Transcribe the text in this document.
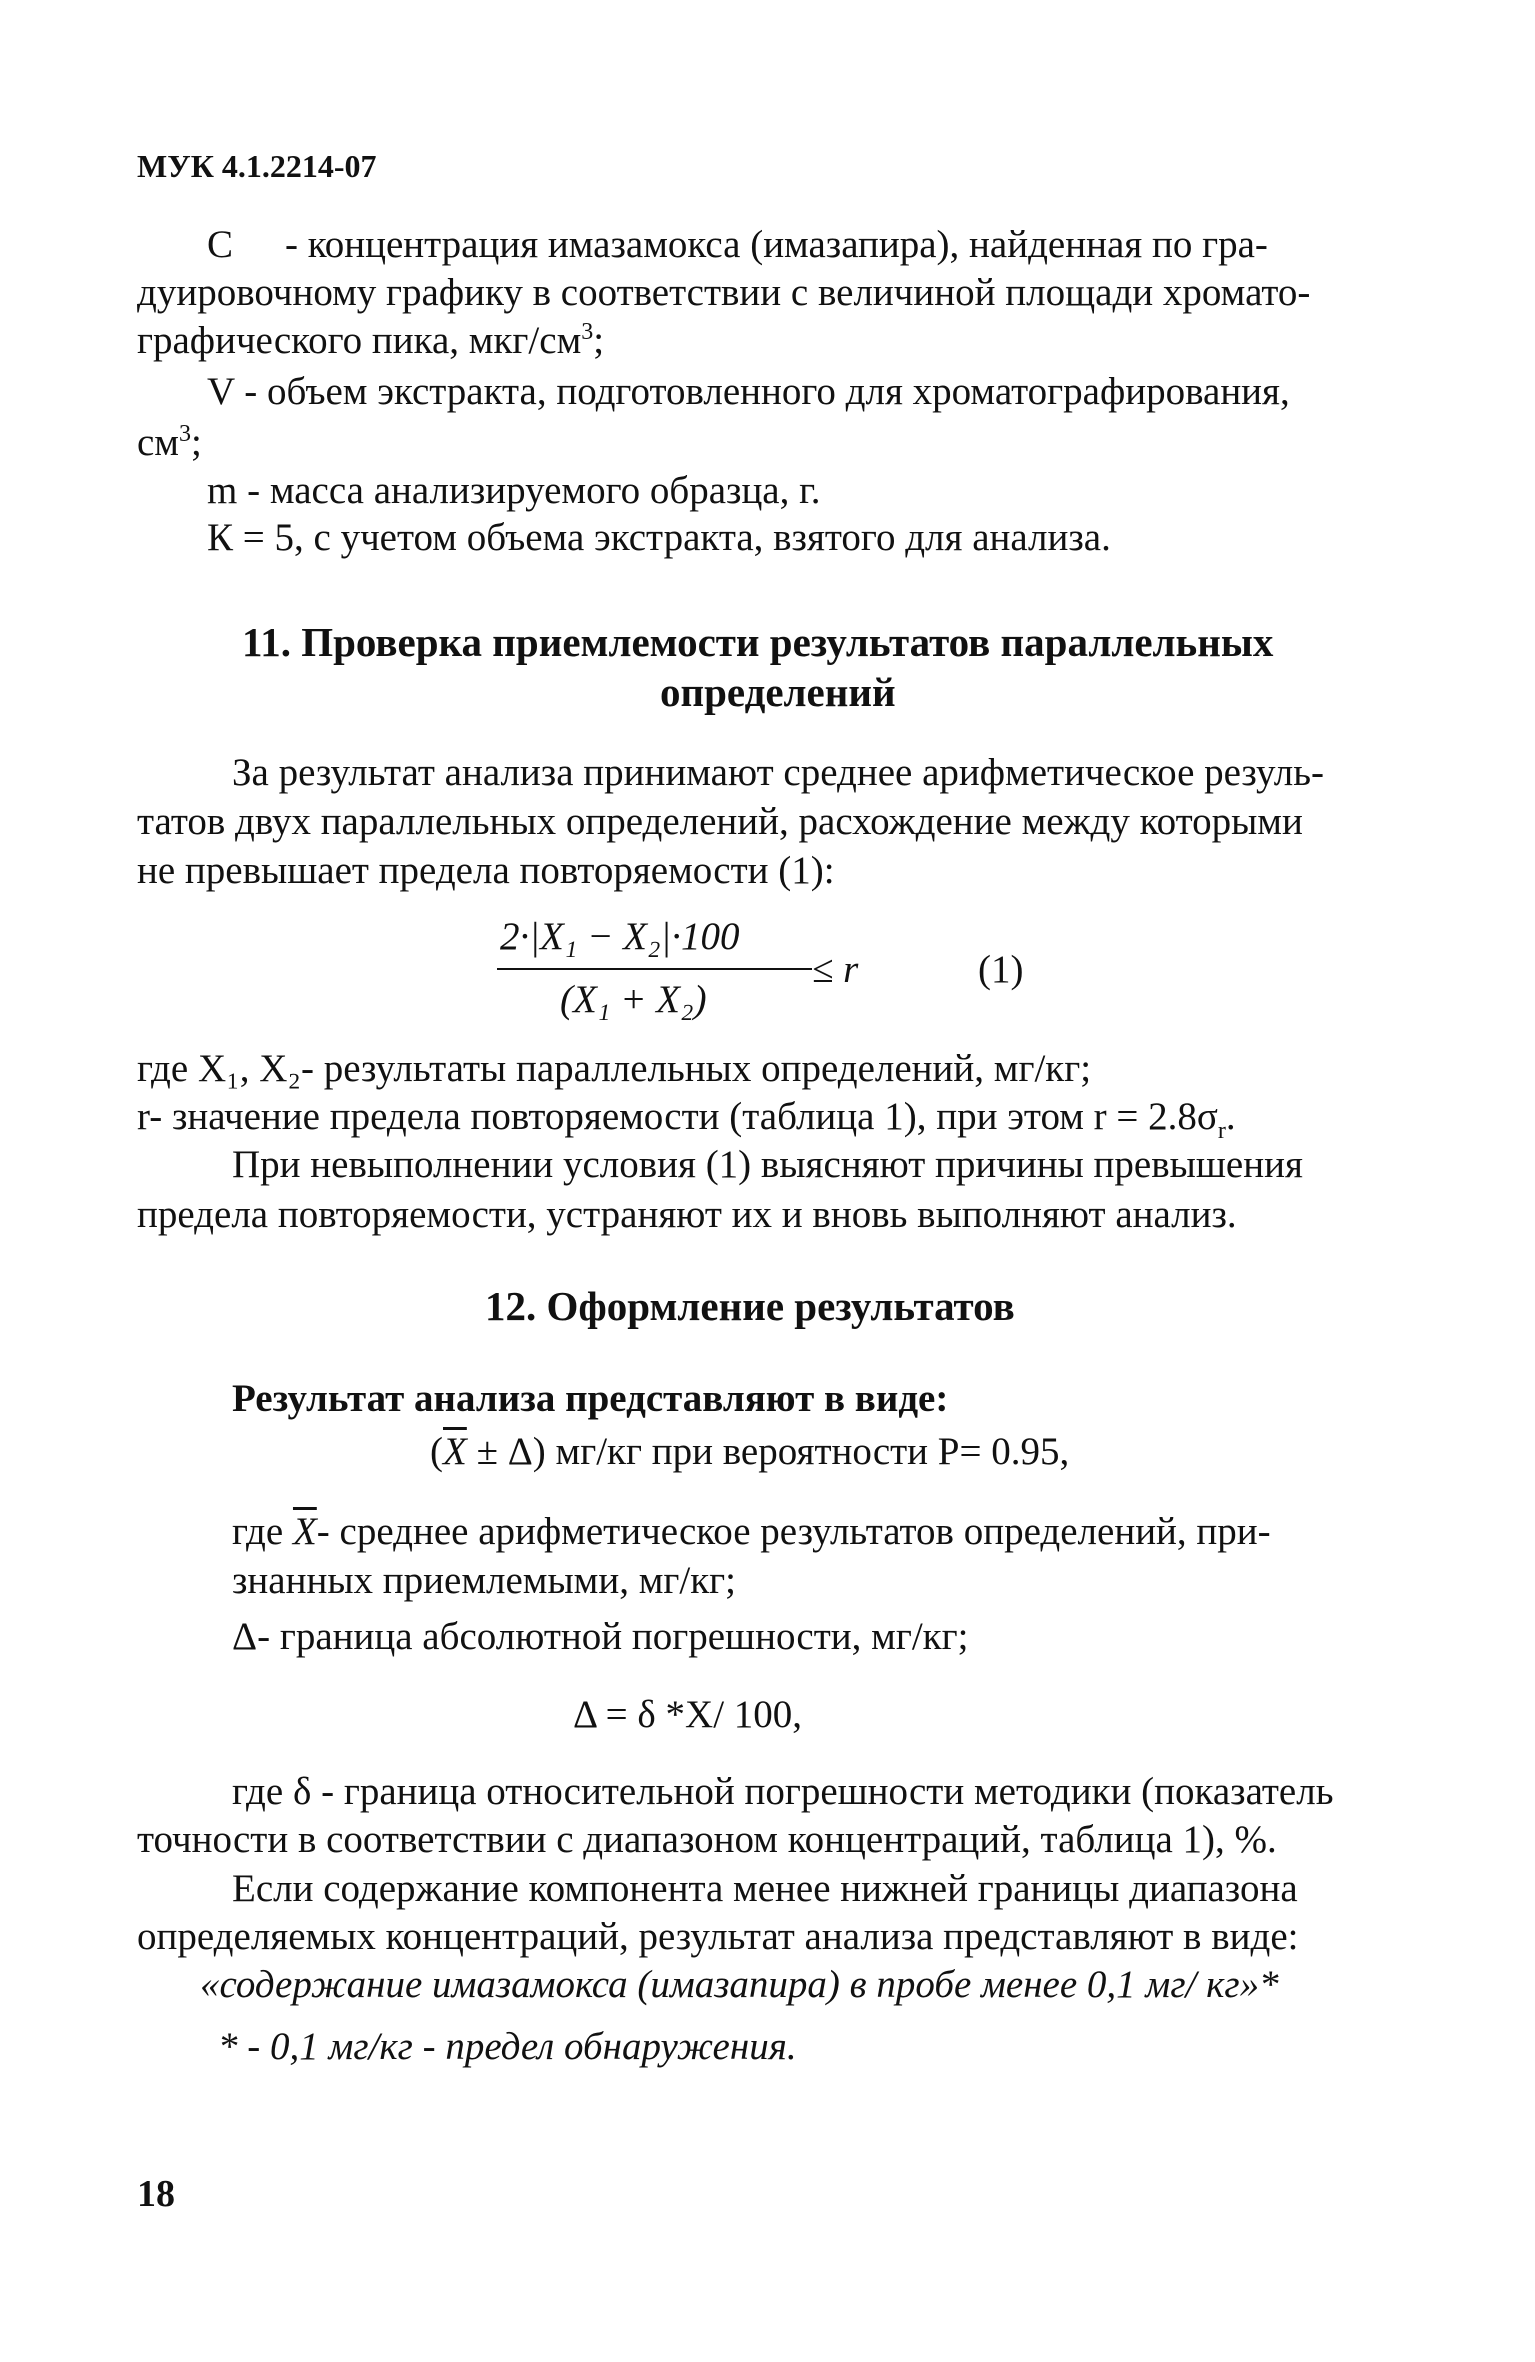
МУК 4.1.2214-07
С - концентрация имазамокса (имазапира), найденная по гра-
дуировочному графику в соответствии с величиной площади хромато-
графического пика, мкг/$см^3$;
V - объем экстракта, подготовленного для хроматографирования,
$см^3$;
m - масса анализируемого образца, г.
К = 5, с учетом объема экстракта, взятого для анализа.
11. Проверка приемлемости результатов параллельных
определений
За результат анализа принимают среднее арифметическое резуль-
татов двух параллельных определений, расхождение между которыми
не превышает предела повторяемости (1):
2·|X₁ − X₂|·100
(X₁ + X₂)
≤ r	(1)
где X₁, X₂- результаты параллельных определений, мг/кг;
r- значение предела повторяемости (таблица 1), при этом $r = 2.8\sigma_r$.
При невыполнении условия (1) выясняют причины превышения
предела повторяемости, устраняют их и вновь выполняют анализ.
12. Оформление результатов
Результат анализа представляют в виде:
$(\overline{X} \pm \Delta)$ мг/кг при вероятности P= 0.95,
где $\overline{X}-$ среднее арифметическое результатов определений, при-
знанных приемлемыми, мг/кг;
Δ- граница абсолютной погрешности, мг/кг;
Δ = δ *X/ 100,
где δ - граница относительной погрешности методики (показатель
точности в соответствии с диапазоном концентраций, таблица 1), %.
Если содержание компонента менее нижней границы диапазона
определяемых концентраций, результат анализа представляют в виде:
«содержание имазамокса (имазапира) в пробе менее 0,1 мг/ кг»*
* - 0,1 мг/кг - предел обнаружения.
18
